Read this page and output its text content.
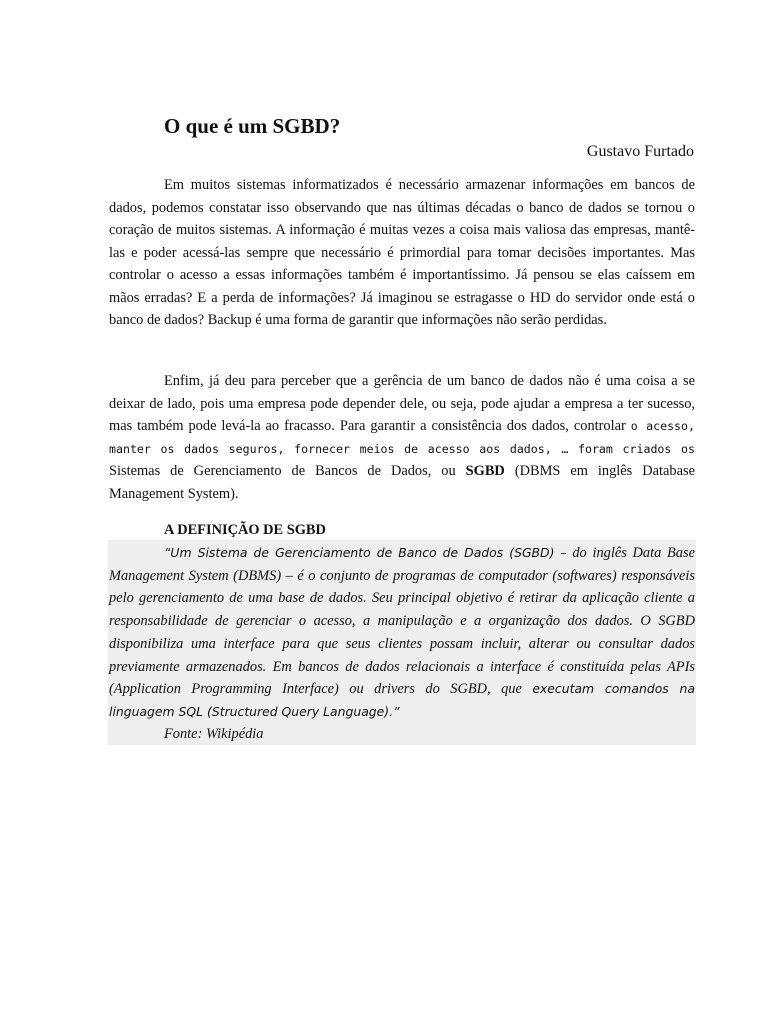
O que é um SGBD?
Gustavo Furtado

Em muitos sistemas informatizados é necessário armazenar informações em bancos de dados, podemos constatar isso observando que nas últimas décadas o banco de dados se tornou o coração de muitos sistemas. A informação é muitas vezes a coisa mais valiosa das empresas, mantê-las e poder acessá-las sempre que necessário é primordial para tomar decisões importantes. Mas controlar o acesso a essas informações também é importantíssimo. Já pensou se elas caíssem em mãos erradas? E a perda de informações? Já imaginou se estragasse o HD do servidor onde está o banco de dados? Backup é uma forma de garantir que informações não serão perdidas.

Enfim, já deu para perceber que a gerência de um banco de dados não é uma coisa a se deixar de lado, pois uma empresa pode depender dele, ou seja, pode ajudar a empresa a ter sucesso, mas também pode levá-la ao fracasso. Para garantir a consistência dos dados, controlar o acesso, manter os dados seguros, fornecer meios de acesso aos dados, … foram criados os Sistemas de Gerenciamento de Bancos de Dados, ou SGBD (DBMS em inglês Database Management System).

A DEFINIÇÃO DE SGBD

“Um Sistema de Gerenciamento de Banco de Dados (SGBD) – do inglês Data Base Management System (DBMS) – é o conjunto de programas de computador (softwares) responsáveis pelo gerenciamento de uma base de dados. Seu principal objetivo é retirar da aplicação cliente a responsabilidade de gerenciar o acesso, a manipulação e a organização dos dados. O SGBD disponibiliza uma interface para que seus clientes possam incluir, alterar ou consultar dados previamente armazenados. Em bancos de dados relacionais a interface é constituída pelas APIs (Application Programming Interface) ou drivers do SGBD, que executam comandos na linguagem SQL (Structured Query Language).”

Fonte: Wikipédia
